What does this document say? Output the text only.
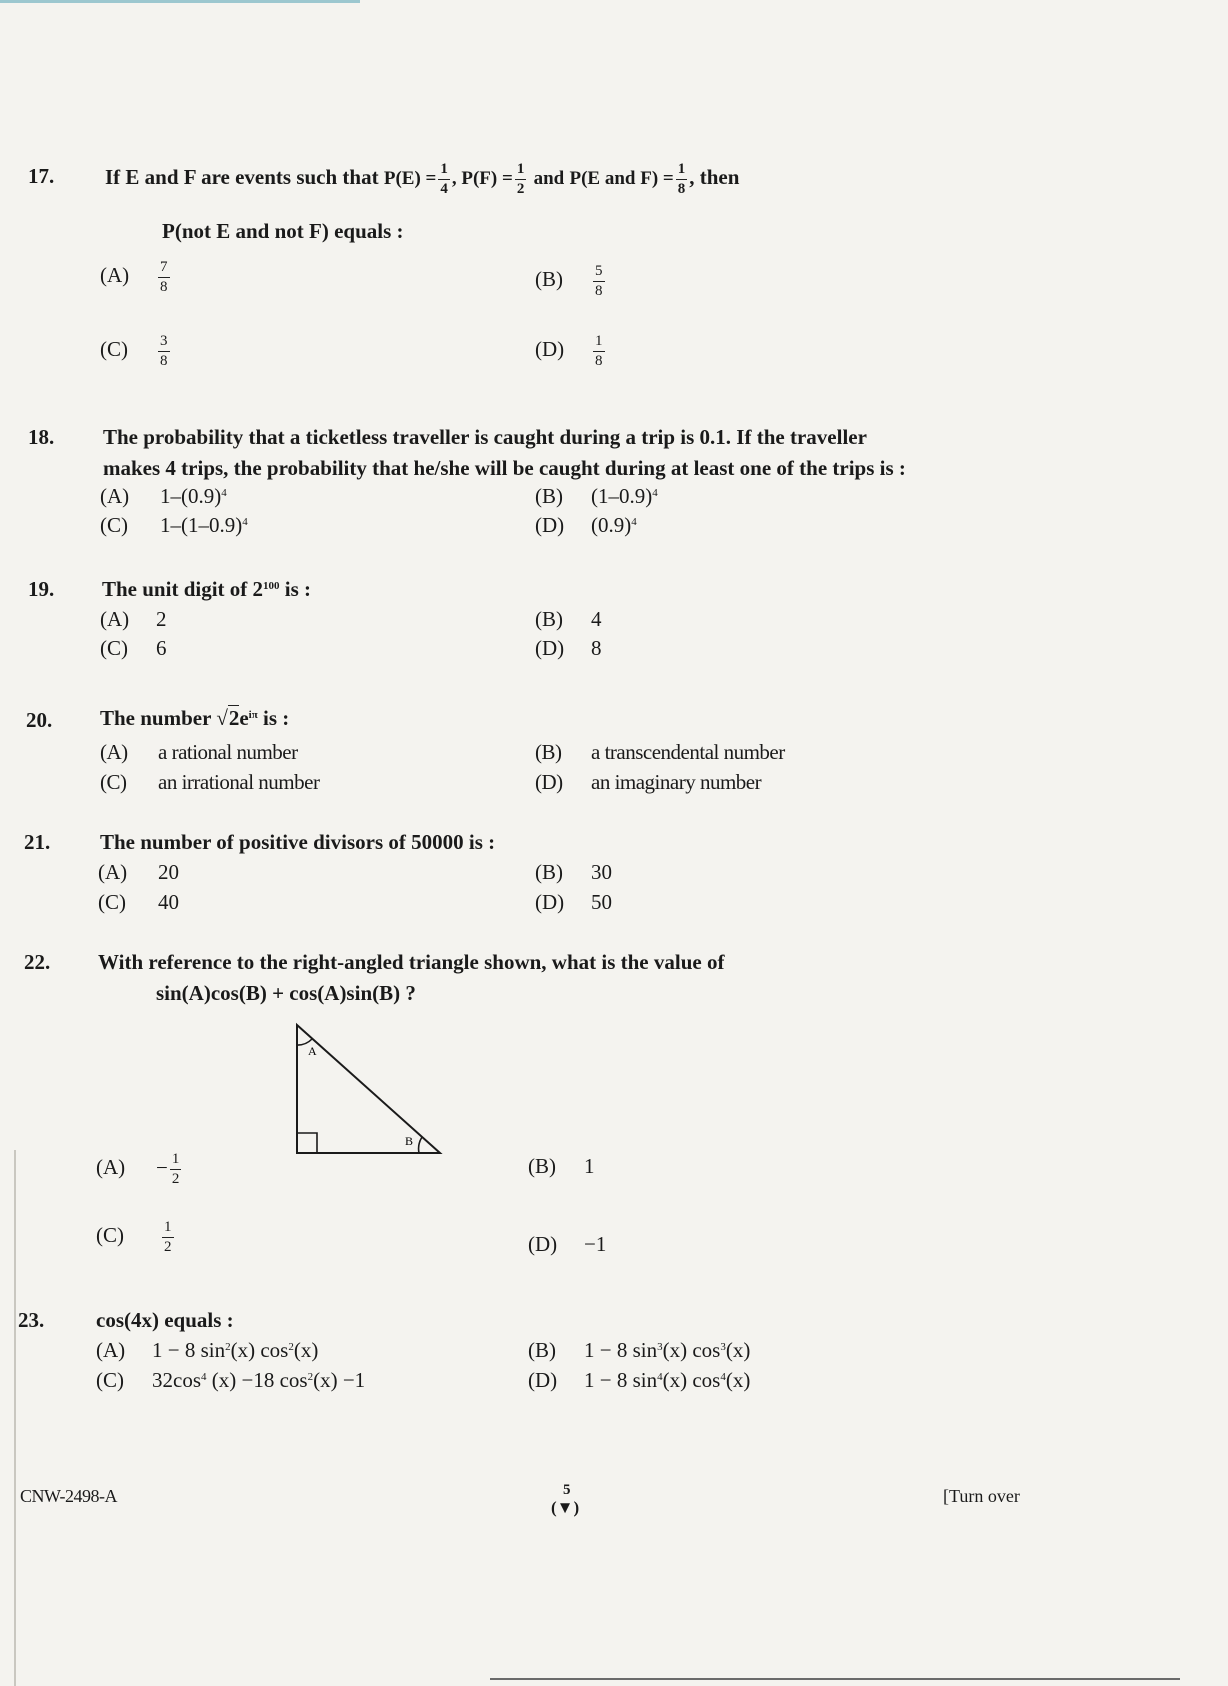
17. If E and F are events such that $P(E) = \frac{1}{4}$ , $P(F) = \frac{1}{2}$ and P(E and $F) = \frac{1}{8}$ , then
P(not E and not F) equals :
$(A) \frac{7}{8}$	$(B) \frac{5}{8}$
$(C) \frac{3}{8}$	$(D) \frac{1}{8}$
18. The probability that a ticketless traveller is caught during a trip is 0.1. If the traveller
makes 4 trips, the probability that he/she will be caught during at least one of the trips is :
(A) $1-(0.9)^4$	(B) $(1-0.9)^4$
(C) $1-(1-0.9)^4$	(D) $(0.9)^4$
19. The unit digit of $2^{100}$ is :
(A) 2	(B) 4
(C) 6	(D) 8
20. The number $√2e^{i\pi}$ is :
(A) a rational number	(B) a transcendental number
(C) an irrational number	(D) an imaginary number
21. The number of positive divisors of 50000 is :
(A) 20	(B) 30
(C) 40	(D) 50
22. With reference to the right-angled triangle shown, what is the value of
sin(A)cos(B) + cos(A)sin(B) ?
A
B
$(A) - \frac{1}{2}$	(B) 1
(C)	$\frac{1}{2}$	(D) −1
23. cos(4x) equals :
(A) 1 − 8 $\sin^2(x)$ $\cos^2(x)$	(B) 1 − 8 $\sin^3(x)$ $\cos^3(x)$
(C) $32\cos^4$ (x) −18 $\cos^2(x) -1$	(D) 1 − 8 $\sin^4(x)$ $\cos^4(x)$
CNW-2498-A	5
(▼)
[Turn over
